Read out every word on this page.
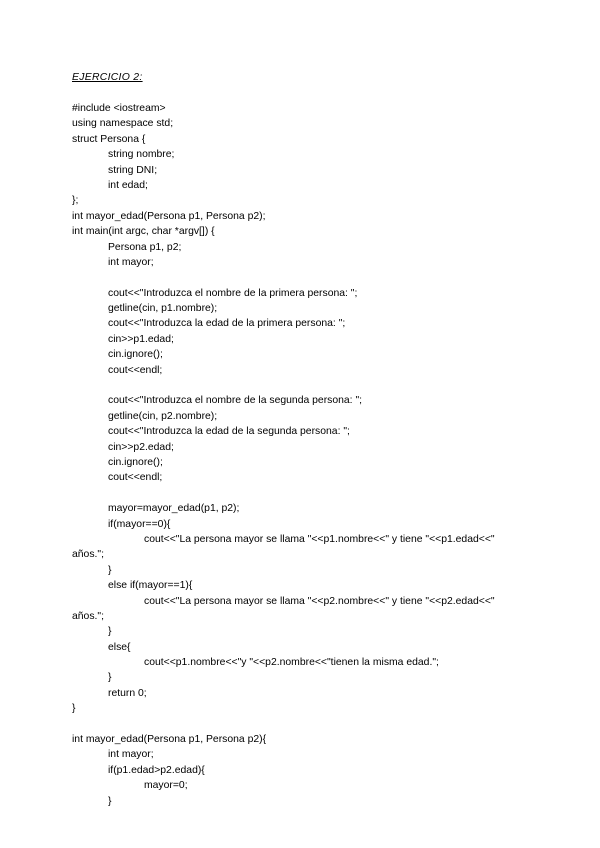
EJERCICIO 2:
#include <iostream>
using namespace std;
struct Persona {
string nombre;
string DNI;
int edad;
};
int mayor_edad(Persona p1, Persona p2);
int main(int argc, char *argv[]) {
Persona p1, p2;
int mayor;
cout<<"Introduzca el nombre de la primera persona: ";
getline(cin, p1.nombre);
cout<<"Introduzca la edad de la primera persona: ";
cin>>p1.edad;
cin.ignore();
cout<<endl;
cout<<"Introduzca el nombre de la segunda persona: ";
getline(cin, p2.nombre);
cout<<"Introduzca la edad de la segunda persona: ";
cin>>p2.edad;
cin.ignore();
cout<<endl;
mayor=mayor_edad(p1, p2);
if(mayor==0){
cout<<"La persona mayor se llama "<<p1.nombre<<" y tiene "<<p1.edad<<"
años.";
}
else if(mayor==1){
cout<<"La persona mayor se llama "<<p2.nombre<<" y tiene "<<p2.edad<<"
años.";
}
else{
cout<<p1.nombre<<"y "<<p2.nombre<<"tienen la misma edad.";
}
return 0;
}
int mayor_edad(Persona p1, Persona p2){
int mayor;
if(p1.edad>p2.edad){
mayor=0;
}
